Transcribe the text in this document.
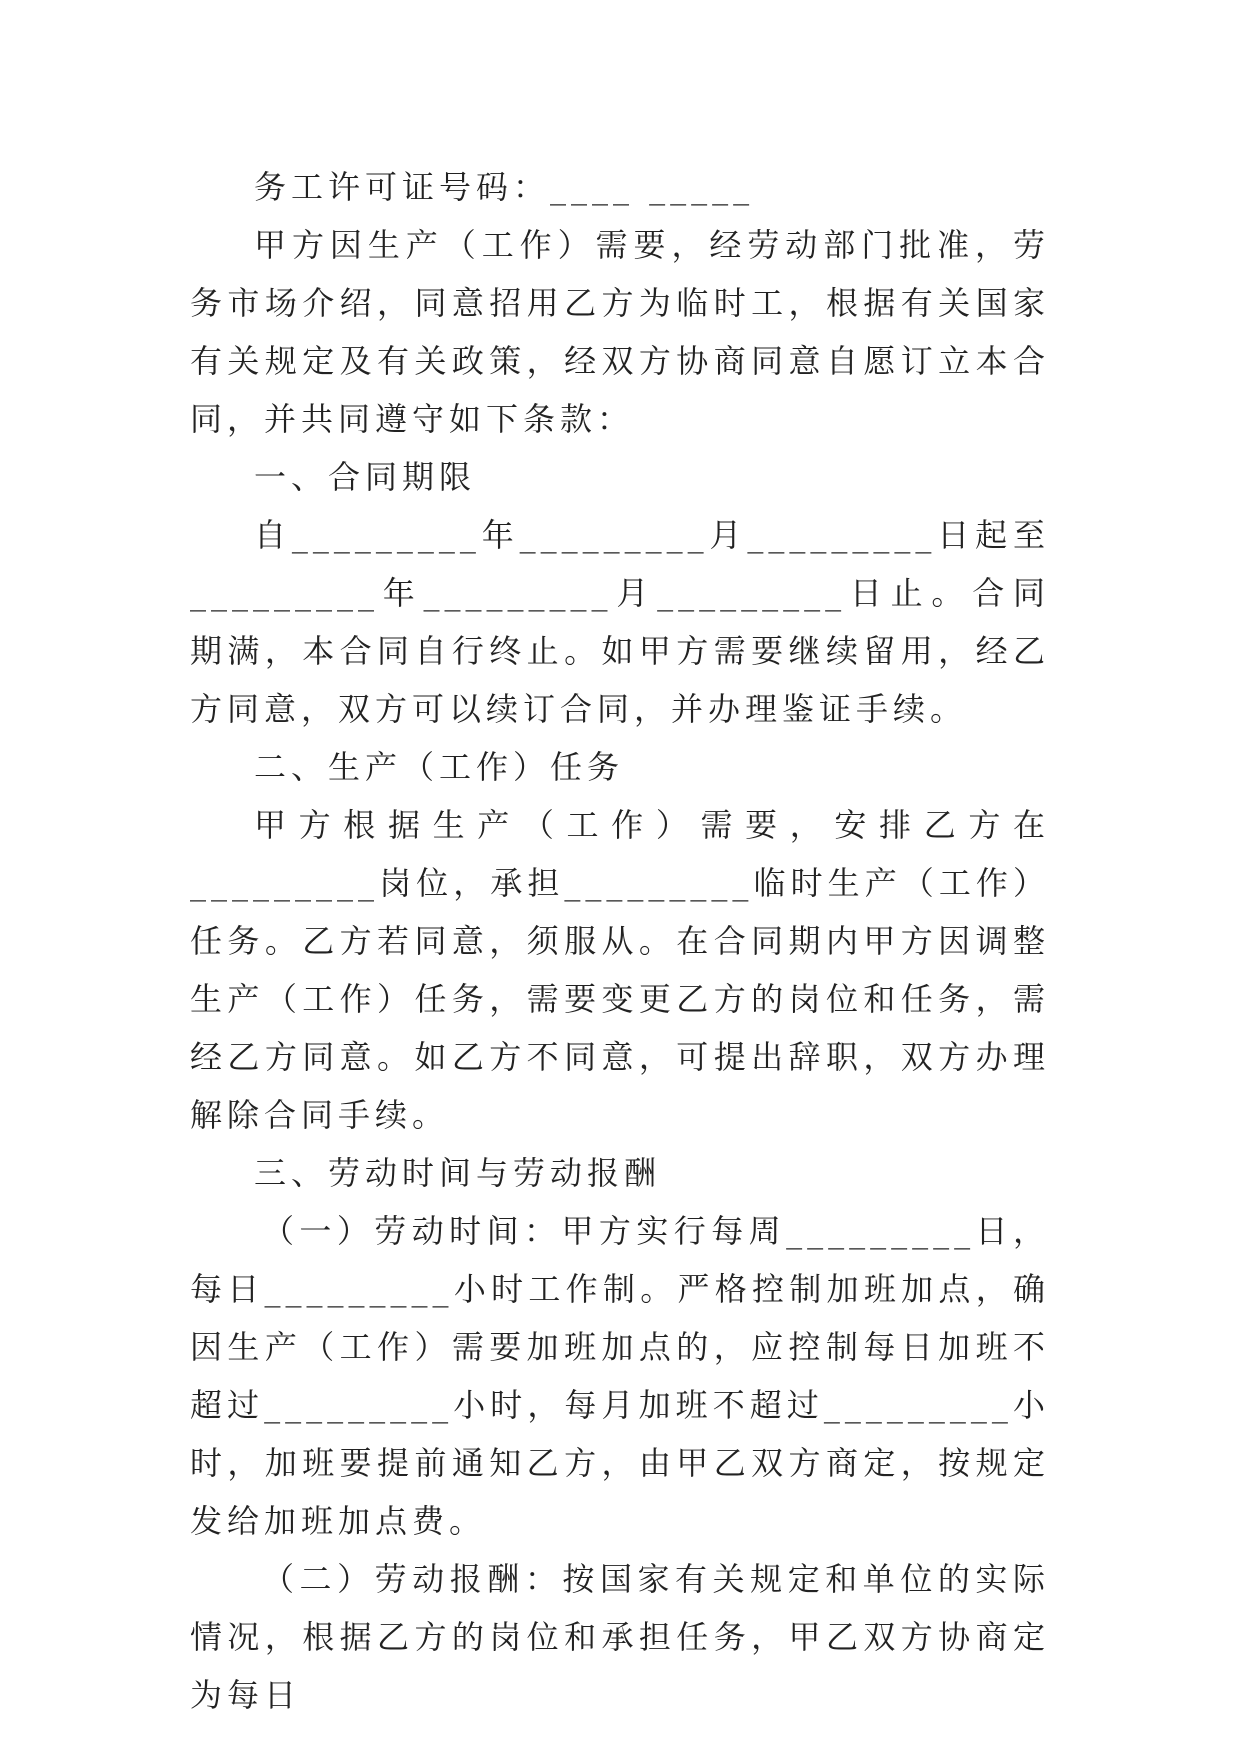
务工许可证号码：____ _____

甲方因生产（工作）需要，经劳动部门批准，劳务市场介绍，同意招用乙方为临时工，根据有关国家有关规定及有关政策，经双方协商同意自愿订立本合同，并共同遵守如下条款：

一、合同期限

自_________年_________月_________日起至_________年_________月_________日止。合同期满，本合同自行终止。如甲方需要继续留用，经乙方同意，双方可以续订合同，并办理鉴证手续。

二、生产（工作）任务

甲方根据生产（工作）需要，安排乙方在_________岗位，承担_________临时生产（工作）任务。乙方若同意，须服从。在合同期内甲方因调整生产（工作）任务，需要变更乙方的岗位和任务，需经乙方同意。如乙方不同意，可提出辞职，双方办理解除合同手续。

三、劳动时间与劳动报酬

（一）劳动时间：甲方实行每周_________日，每日_________小时工作制。严格控制加班加点，确因生产（工作）需要加班加点的，应控制每日加班不超过_________小时，每月加班不超过_________小时，加班要提前通知乙方，由甲乙双方商定，按规定发给加班加点费。

（二）劳动报酬：按国家有关规定和单位的实际情况，根据乙方的岗位和承担任务，甲乙双方协商定为每日
